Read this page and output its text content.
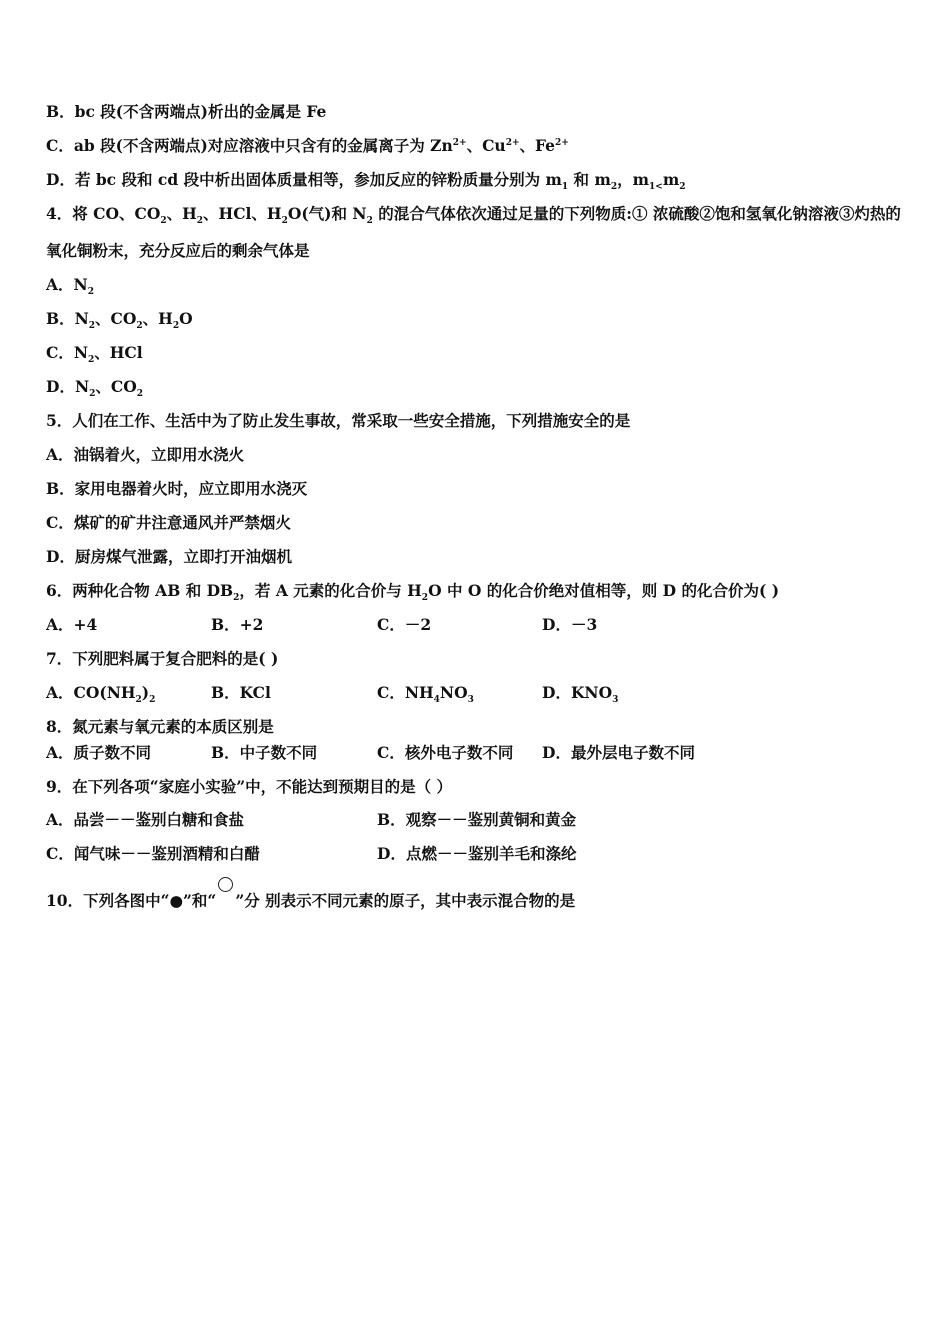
B．bc 段(不含两端点)析出的金属是 Fe
C．ab 段(不含两端点)对应溶液中只含有的金属离子为 $Zn^{2+}$、$Cu^{2+}$、$Fe^{2+}$
D．若 bc 段和 cd 段中析出固体质量相等，参加反应的锌粉质量分别为 $m_1$ 和 $m_2$，$m_{1<}m_2$
4．将 CO、$CO_2$、$H_2$、HCl、$H_2O$(气)和 $N_2$ 的混合气体依次通过足量的下列物质:① 浓硫酸②饱和氢氧化钠溶液③灼热的
氧化铜粉末，充分反应后的剩余气体是
A．$N_2$
B．$N_2$、$CO_2$、$H_2O$
C．$N_2$、HCl
D．$N_2$、$CO_2$
5．人们在工作、生活中为了防止发生事故，常采取一些安全措施，下列措施安全的是
A．油锅着火，立即用水浇火
B．家用电器着火时，应立即用水浇灭
C．煤矿的矿井注意通风并严禁烟火
D．厨房煤气泄露，立即打开油烟机
6．两种化合物 AB 和 $DB_2$，若 A 元素的化合价与 $H_2O$ 中 O 的化合价绝对值相等，则 D 的化合价为( )
A．+4	B．+2	C．－2	D．－3
7．下列肥料属于复合肥料的是( )
A．$CO(NH_2)_2$	B．KCl	C．$NH_4NO_3$	D．$KNO_3$
8．氮元素与氧元素的本质区别是
A．质子数不同	B．中子数不同	C．核外电子数不同 D．最外层电子数不同
9．在下列各项“家庭小实验”中，不能达到预期目的是（ ）
A．品尝－－鉴别白糖和食盐	B．观察－－鉴别黄铜和黄金
C．闻气味－－鉴别酒精和白醋	D．点燃－－鉴别羊毛和涤纶
10．下列各图中“●”和“ ”分 别表示不同元素的原子，其中表示混合物的是
